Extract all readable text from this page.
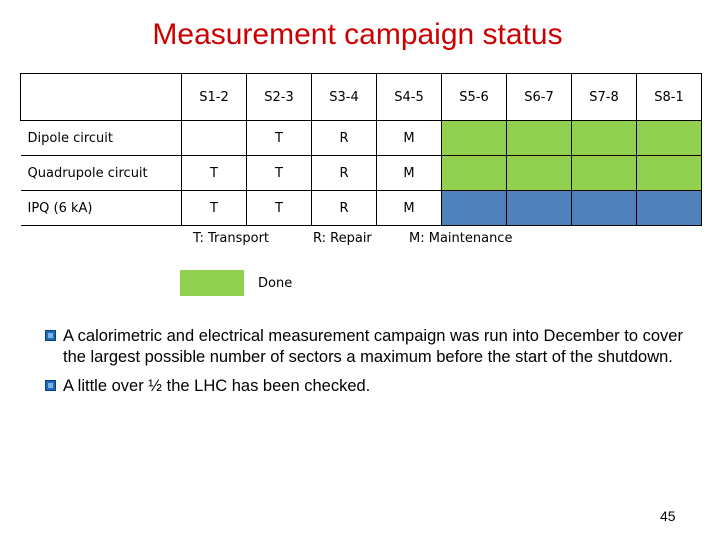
Measurement campaign status
	S1-2	S2-3	S3-4	S4-5	S5-6	S6-7	S7-8	S8-1
Dipole circuit		T	R	M				
Quadrupole circuit	T	T	R	M				
IPQ (6 kA)	T	T	R	M				
T: Transport	R: Repair	M: Maintenance
Done
A calorimetric and electrical measurement campaign was run into December to cover the largest possible number of sectors a maximum before the start of the shutdown.
A little over ½ the LHC has been checked.
45
